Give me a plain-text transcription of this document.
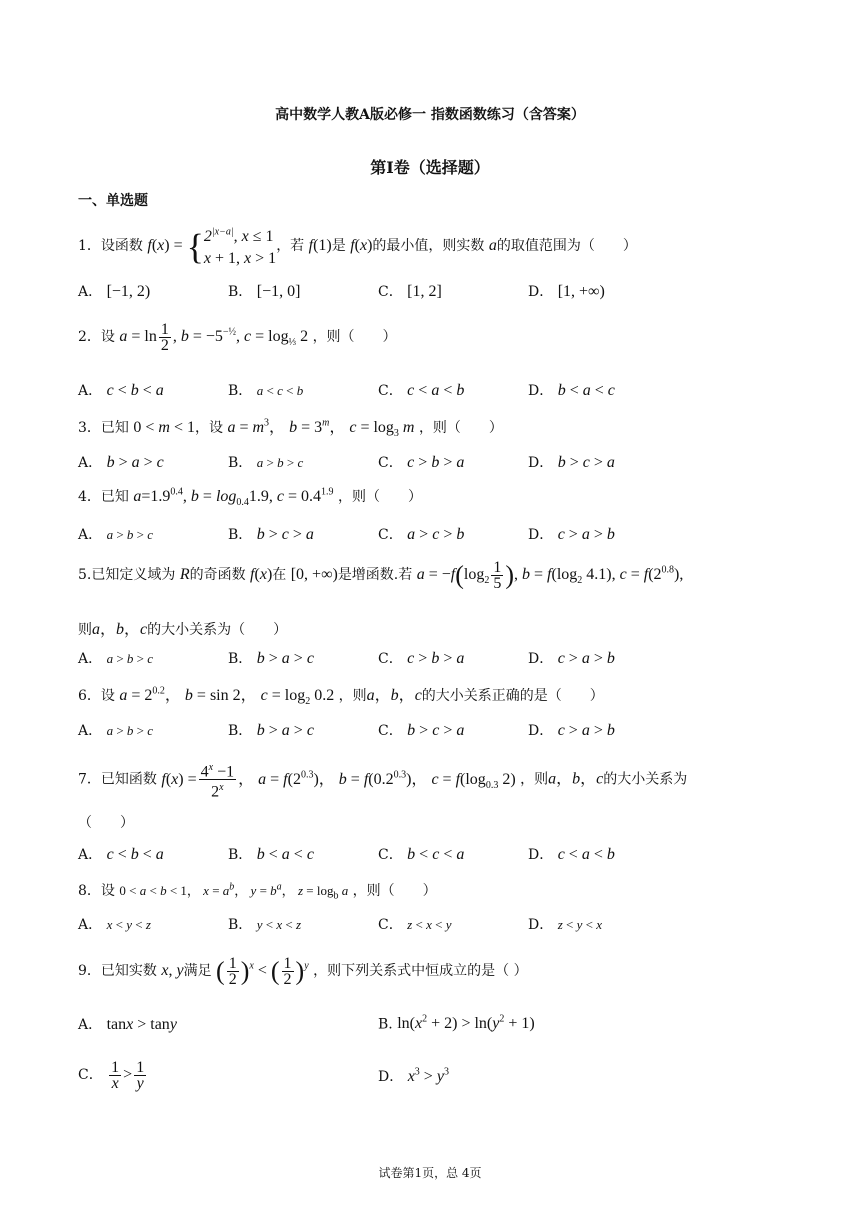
高中数学人教A版必修一 指数函数练习（含答案）
第I卷（选择题）
一、单选题
1．设函数 $f(x) = \{2^{|x-a|}$, x ≤ 1
x + 1, x > 1，若 f(1)是 f(x)的最小值，则实数 a的取值范围为（　　）
A． [−1, 2)	B． [−1, 0]	C． [1, 2]	D． [1, +∞)
2．设 $a = \ln \frac{1}{2}$ , $b = -5^{-\frac{1}{2}}$, $c = \log_{\frac{1}{3}} 2$ ，则（　　）
A． c < b < a	B． a < c < b	C． c < a < b	D． b < a < c
3．已知 0 < m < 1，设 $a = m^3$， $b = 3^m$， $c = \log_3 m$ ，则（　　）
A． b > a > c	B． a > b > c	C． c > b > a	D． b > c > a
4．已知 $a=1.9^{0.4}$, $b = \log_{0.4}1.9$, $c = 0.4^{1.9}$ ，则（　　）
A． a > b > c	B． b > c > a	C． a > c > b	D． c > a > b
5.已知定义域为 R的奇函数 f(x)在 [0, +∞)是增函数.若 $a = -f(\log_2 \frac{1}{5}$ ), $b = f(\log_2$ 4.1), $c = f(2^{0.8})$,
则a，b，c的大小关系为（　　）
A． a > b > c	B． b > a > c	C． c > b > a	D． c > a > b
6．设 $a = 2^{0.2}$， b = sin 2， $c = \log_2 0.2$ ，则a，b，c的大小关系正确的是（　　）
A． a > b > c	B． b > a > c	C． b > c > a	D． c > a > b
7．已知函数 $f(x) = \frac{4^x -1}{2^x}$ ， $a = f(2^{0.3})$， $b = f(0.2^{0.3})$， $c = f(\log_{0.3}$ 2) ，则a，b，c的大小关系为
（　　）
A． c < b < a	B． b < a < c	C． b < c < a	D． c < a < b
8．设 0 < a < b < 1， $x = a^b$， $y = b^a$， $z = \log_b a$ ，则（　　）
A． x < y < z	B． y < x < z	C． z < x < y	D． z < y < x
9．已知实数 x, y满足 ( $\frac{1}{2} )^x$ < ( $\frac{1}{2} )^y$ ，则下列关系式中恒成立的是（ ）
A． tanx > tany	B. $\ln(x^2 + 2) > \ln(y^2 + 1)$
C． $\frac{1}{x} > \frac{1}{y}$	D． $x^3 > y^3$
试卷第1页，总 4页
